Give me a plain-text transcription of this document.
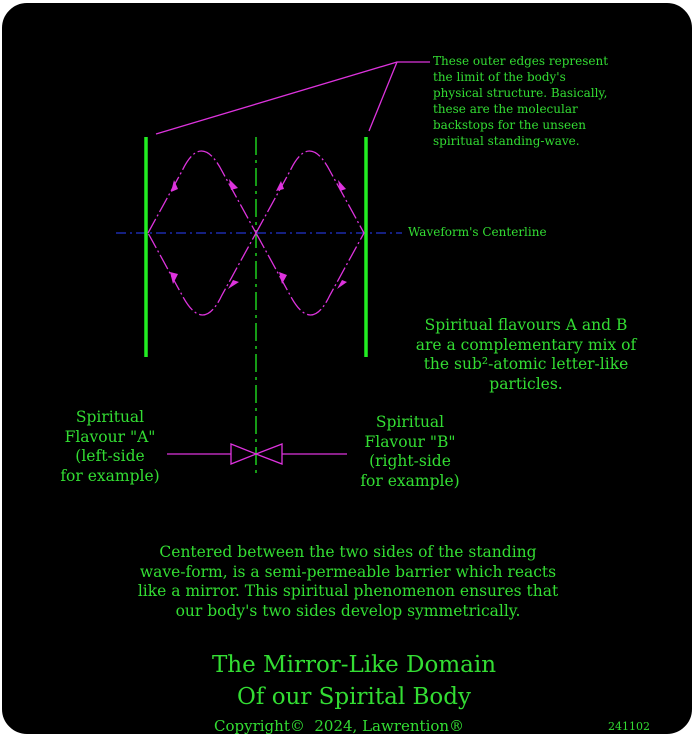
These outer edges represent
the limit of the body's
physical structure. Basically,
these are the molecular
backstops for the unseen
spiritual standing-wave.
Waveform's Centerline
Spiritual flavours A and B
are a complementary mix of
the sub²-atomic letter-like
particles.
Spiritual
Flavour "A"
(left-side
for example)
Spiritual
Flavour "B"
(right-side
for example)
Centered between the two sides of the standing
wave-form, is a semi-permeable barrier which reacts
like a mirror. This spiritual phenomenon ensures that
our body's two sides develop symmetrically.
The Mirror-Like Domain
Of our Spirital Body
Copyright©  2024, Lawrention®	241102
